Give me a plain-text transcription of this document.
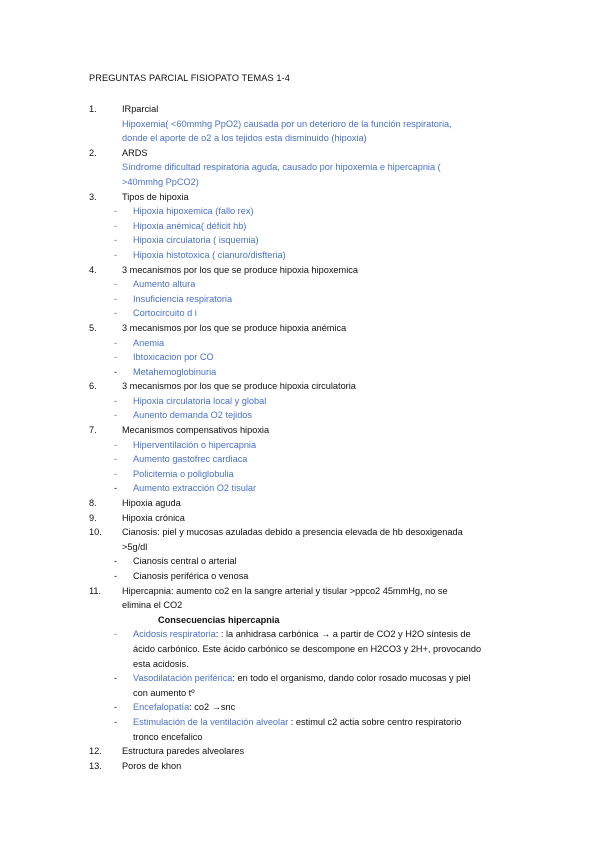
PREGUNTAS PARCIAL FISIOPATO TEMAS 1-4
1.	IRparcial
Hipoxemia( <60mmhg PpO2) causada por un deterioro de la función respiratoria,
donde el aporte de o2 a los tejidos esta disminuido (hipoxia)
2.	ARDS
Síndrome dificultad respiratoria aguda, causado por hipoxemia e hipercapnia (
>40mmhg PpCO2)
3.	Tipos de hipoxia
- Hipoxia hipoxemica (fallo rex)
- Hipoxia anémica( déficit hb)
- Hipoxia circulatoria ( isquemia)
- Hipoxia histotoxica ( cianuro/disfteria)
4.	3 mecanismos por los que se produce hipoxia hipoxemica
- Aumento altura
- Insuficiencia respiratoria
- Cortocircuito d i
5.	3 mecanismos por los que se produce hipoxia anémica
- Anemia
- Ibtoxicacion por CO
- Metahemoglobinuria
6.	3 mecanismos por los que se produce hipoxia circulatoria
- Hipoxia circulatoria local y global
- Aunento demanda O2 tejidos
7.	Mecanismos compensativos hipoxia
- Hiperventilación o hipercapnia
- Aumento gastofrec cardiaca
- Policitemia o poliglobulia
- Aumento extracción O2 tisular
8.	Hipoxia aguda
9.	Hipoxia crónica
10. Cianosis: piel y mucosas azuladas debido a presencia elevada de hb desoxigenada
>5g/dl
- Cianosis central o arterial
- Cianosis periférica o venosa
11. Hipercapnia: aumento co2 en la sangre arterial y tisular >ppco2 45mmHg, no se
elimina el CO2
Consecuencias hipercapnia
- Acidosis respiratoria: : la anhidrasa carbónica → a partir de CO2 y H2O síntesis de
ácido carbónico. Este ácido carbónico se descompone en H2CO3 y 2H+, provocando
esta acidosis.
- Vasodilatación periférica: en todo el organismo, dando color rosado mucosas y piel
con aumento tº
- Encefalopatía: co2 →snc
- Estimulación de la ventilación alveolar : estimul c2 actia sobre centro respiratorio
tronco encefalico
12. Estructura paredes alveolares
13. Poros de khon
